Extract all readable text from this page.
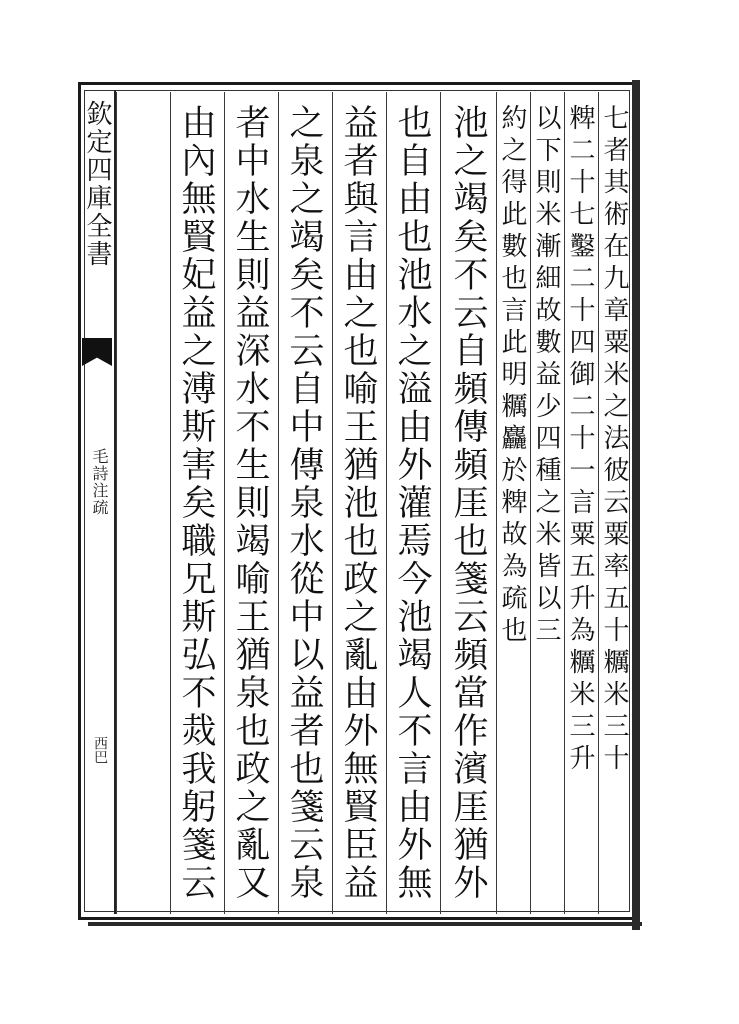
欽定四庫全書
毛詩注疏
西巴	七者其術在九章粟米之法彼云粟率五十糲米三十
粺二十七鑿二十四御二十一言粟五升為糲米三升
以下則米漸細故數益少四種之米皆以三
約之得此數也言此明糲麤於粺故為疏也
池之竭矣不云自頻傳頻厓也箋云頻當作濱厓猶外
也自由也池水之溢由外灌焉今池竭人不言由外無
益者與言由之也喻王猶池也政之亂由外無賢臣益
之泉之竭矣不云自中傳泉水從中以益者也箋云泉
者中水生則益深水不生則竭喻王猶泉也政之亂又
由內無賢妃益之溥斯害矣職兄斯弘不烖我躬箋云
